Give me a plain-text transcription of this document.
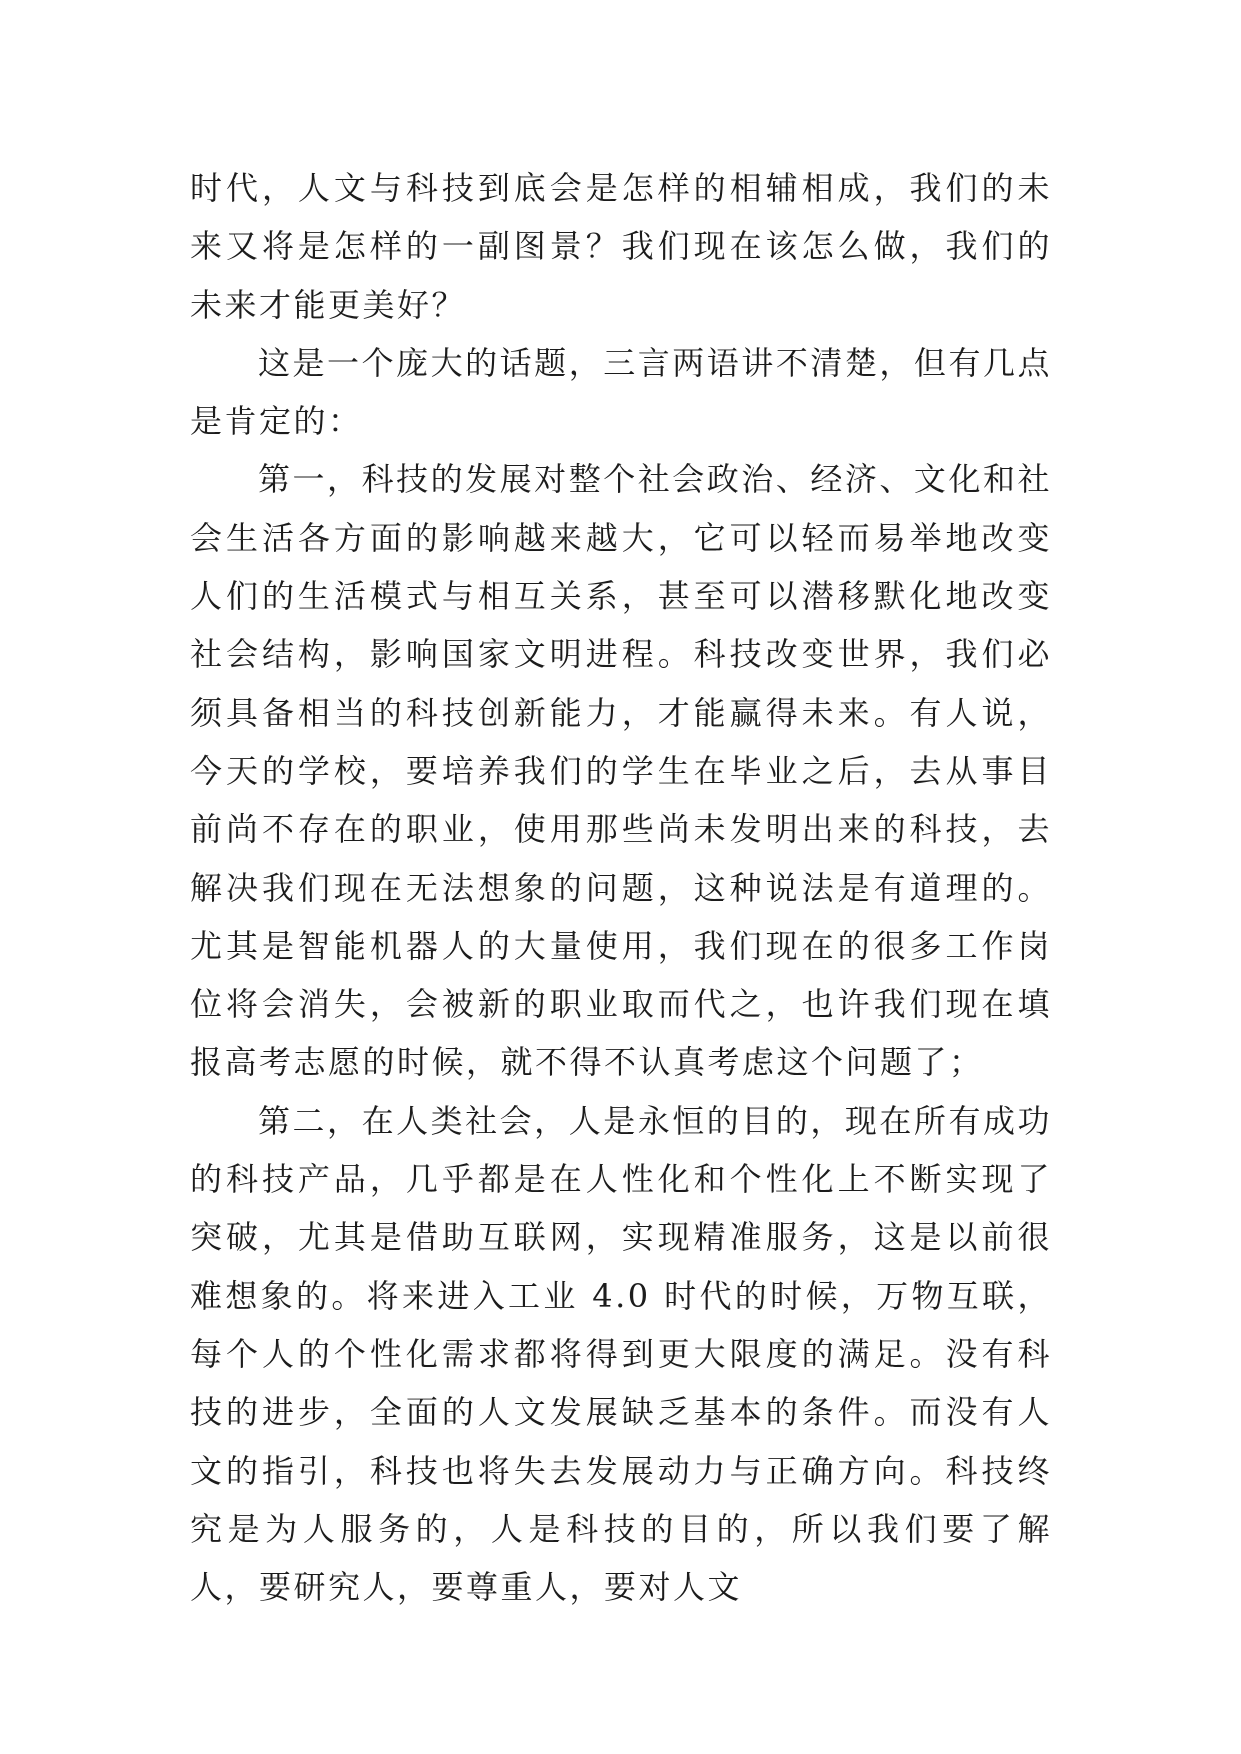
时代，人文与科技到底会是怎样的相辅相成，我们的未来又将是怎样的一副图景？我们现在该怎么做，我们的未来才能更美好？

这是一个庞大的话题，三言两语讲不清楚，但有几点是肯定的：

第一，科技的发展对整个社会政治、经济、文化和社会生活各方面的影响越来越大，它可以轻而易举地改变人们的生活模式与相互关系，甚至可以潜移默化地改变社会结构，影响国家文明进程。科技改变世界，我们必须具备相当的科技创新能力，才能赢得未来。有人说，今天的学校，要培养我们的学生在毕业之后，去从事目前尚不存在的职业，使用那些尚未发明出来的科技，去解决我们现在无法想象的问题，这种说法是有道理的。尤其是智能机器人的大量使用，我们现在的很多工作岗位将会消失，会被新的职业取而代之，也许我们现在填报高考志愿的时候，就不得不认真考虑这个问题了；

第二，在人类社会，人是永恒的目的，现在所有成功的科技产品，几乎都是在人性化和个性化上不断实现了突破，尤其是借助互联网，实现精准服务，这是以前很难想象的。将来进入工业 4.0 时代的时候，万物互联，每个人的个性化需求都将得到更大限度的满足。没有科技的进步，全面的人文发展缺乏基本的条件。而没有人文的指引，科技也将失去发展动力与正确方向。科技终究是为人服务的，人是科技的目的，所以我们要了解人，要研究人，要尊重人，要对人文
